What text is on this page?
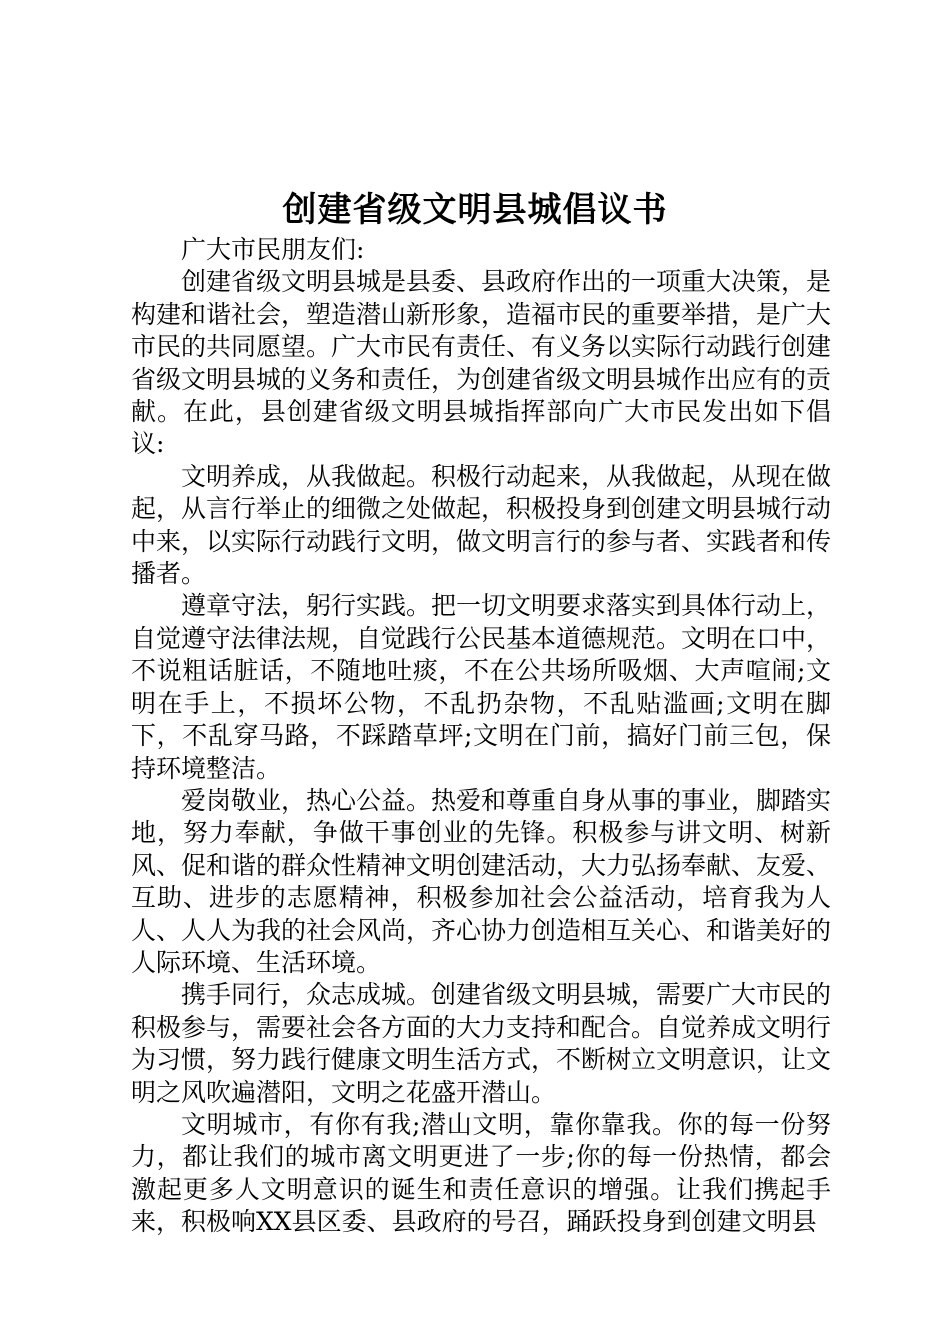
创建省级文明县城倡议书

广大市民朋友们:

创建省级文明县城是县委、县政府作出的一项重大决策，是构建和谐社会，塑造潜山新形象，造福市民的重要举措，是广大市民的共同愿望。广大市民有责任、有义务以实际行动践行创建省级文明县城的义务和责任，为创建省级文明县城作出应有的贡献。在此，县创建省级文明县城指挥部向广大市民发出如下倡议:

文明养成，从我做起。积极行动起来，从我做起，从现在做起，从言行举止的细微之处做起，积极投身到创建文明县城行动中来，以实际行动践行文明，做文明言行的参与者、实践者和传播者。

遵章守法，躬行实践。把一切文明要求落实到具体行动上，自觉遵守法律法规，自觉践行公民基本道德规范。文明在口中，不说粗话脏话，不随地吐痰，不在公共场所吸烟、大声喧闹;文明在手上，不损坏公物，不乱扔杂物，不乱贴滥画;文明在脚下，不乱穿马路，不踩踏草坪;文明在门前，搞好门前三包，保持环境整洁。

爱岗敬业，热心公益。热爱和尊重自身从事的事业，脚踏实地，努力奉献，争做干事创业的先锋。积极参与讲文明、树新风、促和谐的群众性精神文明创建活动，大力弘扬奉献、友爱、互助、进步的志愿精神，积极参加社会公益活动，培育我为人人、人人为我的社会风尚，齐心协力创造相互关心、和谐美好的人际环境、生活环境。

携手同行，众志成城。创建省级文明县城，需要广大市民的积极参与，需要社会各方面的大力支持和配合。自觉养成文明行为习惯，努力践行健康文明生活方式，不断树立文明意识，让文明之风吹遍潜阳，文明之花盛开潜山。

文明城市，有你有我;潜山文明，靠你靠我。你的每一份努力，都让我们的城市离文明更进了一步;你的每一份热情，都会激起更多人文明意识的诞生和责任意识的增强。让我们携起手来，积极响XX县区委、县政府的号召，踊跃投身到创建文明县
